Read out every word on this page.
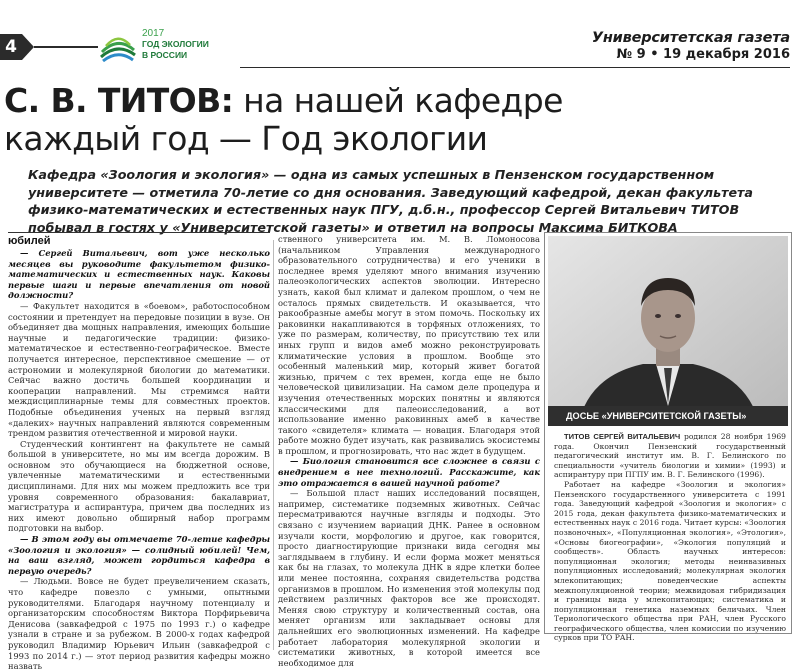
4
2017
ГОД ЭКОЛОГИИ
В РОССИИ
Университетская газета
№ 9 • 19 декабря 2016
С. В. ТИТОВ: на нашей кафедре
каждый год — Год экологии
Кафедра «Зоология и экология» — одна из самых успешных в Пензенском государственном университете — отметила 70-летие со дня основания. Заведующий кафедрой, декан факультета физико-математических и естественных наук ПГУ, д.б.н., профессор Сергей Витальевич ТИТОВ побывал в гостях у «Университетской газеты» и ответил на вопросы Максима БИТКОВА
юбилей

— Сергей Витальевич, вот уже несколько месяцев вы руководите факультетом физико-математических и естественных наук. Каковы первые шаги и первые впечатления от новой должности?

— Факультет находится в «боевом», работоспособном состоянии и претендует на передовые позиции в вузе. Он объединяет два мощных направления, имеющих большие научные и педагогические традиции: физико-математическое и естественно-географическое. Вместе получается интересное, перспективное смешение — от астрономии и молекулярной биологии до математики. Сейчас важно достичь большей координации и кооперации направлений. Мы стремимся найти междисциплинарные темы для совместных проектов. Подобные объединения ученых на первый взгляд «далеких» научных направлений являются современным трендом развития отечественной и мировой науки.

Студенческий контингент на факультете не самый большой в университете, но мы им всегда дорожим. В основном это обучающиеся на бюджетной основе, увлеченные математическими и естественными дисциплинами. Для них мы можем предложить все три уровня современного образования: бакалавриат, магистратура и аспирантура, причем два последних из них имеют довольно обширный набор программ подготовки на выбор.

— В этом году вы отмечаете 70-летие кафедры «Зоология и экология» — солидный юбилей! Чем, на ваш взгляд, может гордиться кафедра в первую очередь?

— Людьми. Вовсе не будет преувеличением сказать, что кафедре повезло с умными, опытными руководителями. Благодаря научному потенциалу и организаторским способностям Виктора Порфирьевича Денисова (завкафедрой с 1975 по 1993 г.) о кафедре узнали в стране и за рубежом. В 2000-х годах кафедрой руководил Владимир Юрьевич Ильин (завкафедрой с 1993 по 2014 г.) — этот период развития кафедры можно назвать

ственного университета им. М. В. Ломоносова (начальником Управления международного образовательного сотрудничества) и его ученики в последнее время уделяют много внимания изучению палеоэкологических аспектов эволюции. Интересно узнать, какой был климат и далеком прошлом, о чем не осталось прямых свидетельств. И оказывается, что ракообразные амебы могут в этом помочь. Поскольку их раковинки накапливаются в торфяных отложениях, то уже по размерам, количеству, по присутствию тех или иных групп и видов амеб можно реконструировать климатические условия в прошлом. Вообще это особенный маленький мир, который живет богатой жизнью, причем с тех времен, когда еще не было человеческой цивилизации. На самом деле процедура и изучения отечественных морских понятны и являются классическими для палеоисследований, а вот использование именно раковинных амеб в качестве такого «свидетеля» климата — новация. Благодаря этой работе можно будет изучать, как развивались экосистемы в прошлом, и прогнозировать, что нас ждет в будущем.

— Биология становится все сложнее в связи с внедрением в нее технологий. Расскажите, как это отражается в вашей научной работе?

— Большой пласт наших исследований посвящен, например, систематике подземных животных. Сейчас пересматриваются научные взгляды и подходы. Это связано с изучением вариаций ДНК. Ранее в основном изучали кости, морфологию и другое, как говорится, просто диагностирующие признаки вида сегодня мы заглядываем в глубину. И если форма может меняться как бы на глазах, то молекула ДНК в ядре клетки более или менее постоянна, сохраняя свидетельства родства организмов в прошлом. Но изменения этой молекулы под действием различных факторов все же происходят. Меняя свою структуру и количественный состав, она меняет организм или закладывает основы для дальнейших его эволюционных изменений. На кафедре работает лаборатория молекулярной экологии и систематики животных, в которой имеется все необходимое для

ДОСЬЕ «УНИВЕРСИТЕТСКОЙ ГАЗЕТЫ»

ТИТОВ СЕРГЕЙ ВИТАЛЬЕВИЧ родился 28 ноября 1969 года. Окончил Пензенский государственный педагогический институт им. В. Г. Белинского по специальности «учитель биологии и химии» (1993) и аспирантуру при ПГПУ им. В. Г. Белинского (1996).

Работает на кафедре «Зоология и экология» Пензенского государственного университета с 1991 года. Заведующий кафедрой «Зоология и экология» с 2015 года, декан факультета физико-математических и естественных наук с 2016 года. Читает курсы: «Зоология позвоночных», «Популяционная экология», «Этология», «Основы биогеографии», «Экология популяций и сообществ». Область научных интересов: популяционная экология; методы неинвазивных популяционных исследований; молекулярная экология млекопитающих; поведенческие аспекты межпопуляционной теории; межвидовая гибридизация и границы вида у млекопитающих; систематика и популяционная генетика наземных беличьих. Член Териологического общества при РАН, член Русского географического общества, член комиссии по изучению сурков при ТО РАН.
